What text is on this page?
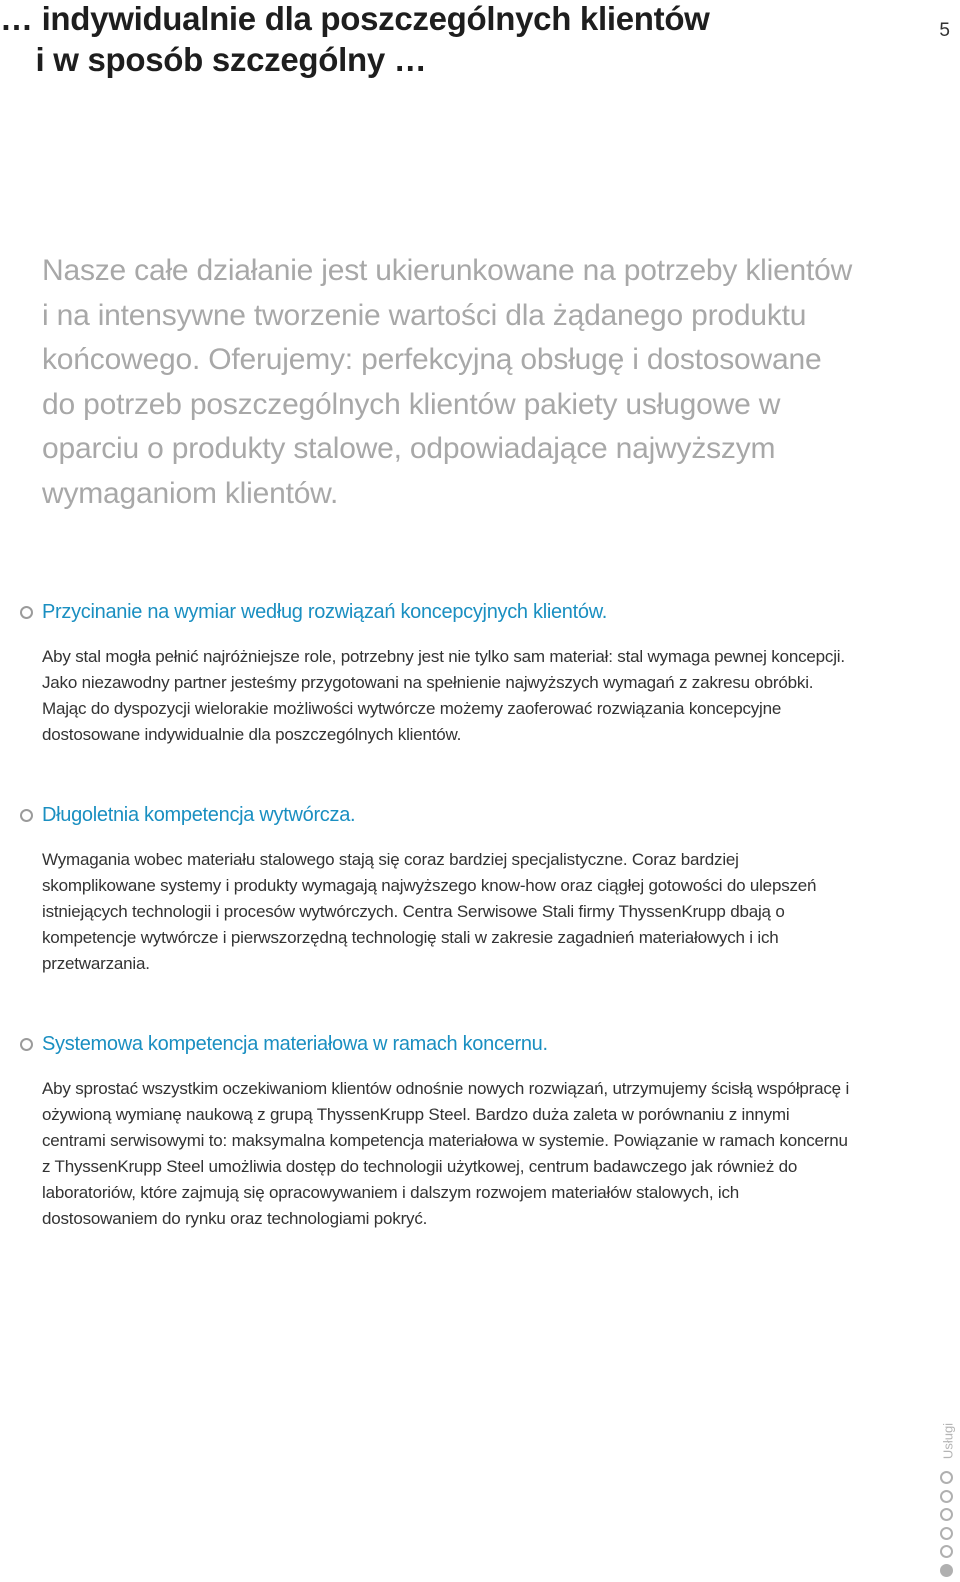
… indywidualnie dla poszczególnych klientów
i w sposób szczególny …
5

Nasze całe działanie jest ukierunkowane na potrzeby klientów i na intensywne tworzenie wartości dla żądanego produktu końcowego. Oferujemy: perfekcyjną obsługę i dostosowane do potrzeb poszczególnych klientów pakiety usługowe w oparciu o produkty stalowe, odpowiadające najwyższym wymaganiom klientów.

Przycinanie na wymiar według rozwiązań koncepcyjnych klientów.

Aby stal mogła pełnić najróżniejsze role, potrzebny jest nie tylko sam materiał: stal wymaga pewnej koncepcji. Jako niezawodny partner jesteśmy przygotowani na spełnienie najwyższych wymagań z zakresu obróbki. Mając do dyspozycji wielorakie możliwości wytwórcze możemy zaoferować rozwiązania koncepcyjne dostosowane indywidualnie dla poszczególnych klientów.

Długoletnia kompetencja wytwórcza.

Wymagania wobec materiału stalowego stają się coraz bardziej specjalistyczne. Coraz bardziej skomplikowane systemy i produkty wymagają najwyższego know-how oraz ciągłej gotowości do ulepszeń istniejących technologii i procesów wytwórczych. Centra Serwisowe Stali firmy ThyssenKrupp dbają o kompetencje wytwórcze i pierwszorzędną technologię stali w zakresie zagadnień materiałowych i ich przetwarzania.

Systemowa kompetencja materiałowa w ramach koncernu.

Aby sprostać wszystkim oczekiwaniom klientów odnośnie nowych rozwiązań, utrzymujemy ścisłą współpracę i ożywioną wymianę naukową z grupą ThyssenKrupp Steel. Bardzo duża zaleta w porównaniu z innymi centrami serwisowymi to: maksymalna kompetencja materiałowa w systemie. Powiązanie w ramach koncernu z ThyssenKrupp Steel umożliwia dostęp do technologii użytkowej, centrum badawczego jak również do laboratoriów, które zajmują się opracowywaniem i dalszym rozwojem materiałów stalowych, ich dostosowaniem do rynku oraz technologiami pokryć.

Usługi
